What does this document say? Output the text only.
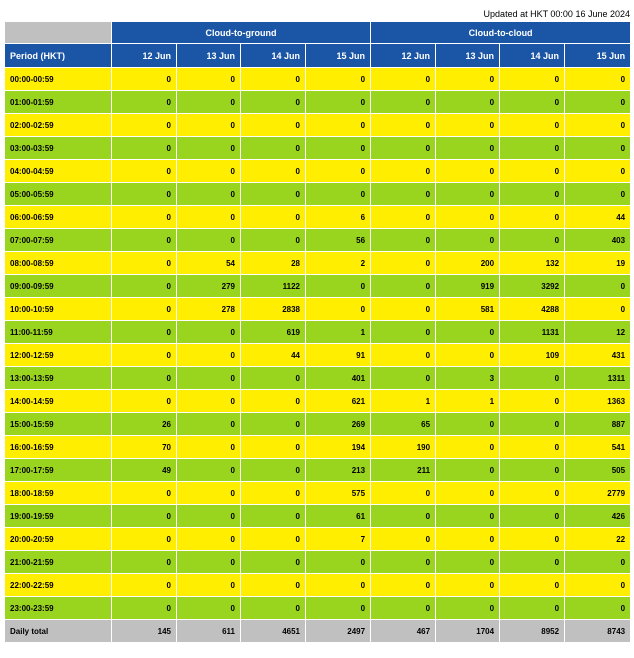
Updated at HKT 00:00 16 June 2024
	Cloud-to-ground				Cloud-to-cloud			
Period (HKT)	12 Jun	13 Jun	14 Jun	15 Jun	12 Jun	13 Jun	14 Jun	15 Jun
00:00-00:59	0	0	0	0	0	0	0	0
01:00-01:59	0	0	0	0	0	0	0	0
02:00-02:59	0	0	0	0	0	0	0	0
03:00-03:59	0	0	0	0	0	0	0	0
04:00-04:59	0	0	0	0	0	0	0	0
05:00-05:59	0	0	0	0	0	0	0	0
06:00-06:59	0	0	0	6	0	0	0	44
07:00-07:59	0	0	0	56	0	0	0	403
08:00-08:59	0	54	28	2	0	200	132	19
09:00-09:59	0	279	1122	0	0	919	3292	0
10:00-10:59	0	278	2838	0	0	581	4288	0
11:00-11:59	0	0	619	1	0	0	1131	12
12:00-12:59	0	0	44	91	0	0	109	431
13:00-13:59	0	0	0	401	0	3	0	1311
14:00-14:59	0	0	0	621	1	1	0	1363
15:00-15:59	26	0	0	269	65	0	0	887
16:00-16:59	70	0	0	194	190	0	0	541
17:00-17:59	49	0	0	213	211	0	0	505
18:00-18:59	0	0	0	575	0	0	0	2779
19:00-19:59	0	0	0	61	0	0	0	426
20:00-20:59	0	0	0	7	0	0	0	22
21:00-21:59	0	0	0	0	0	0	0	0
22:00-22:59	0	0	0	0	0	0	0	0
23:00-23:59	0	0	0	0	0	0	0	0
Daily total	145	611	4651	2497	467	1704	8952	8743
